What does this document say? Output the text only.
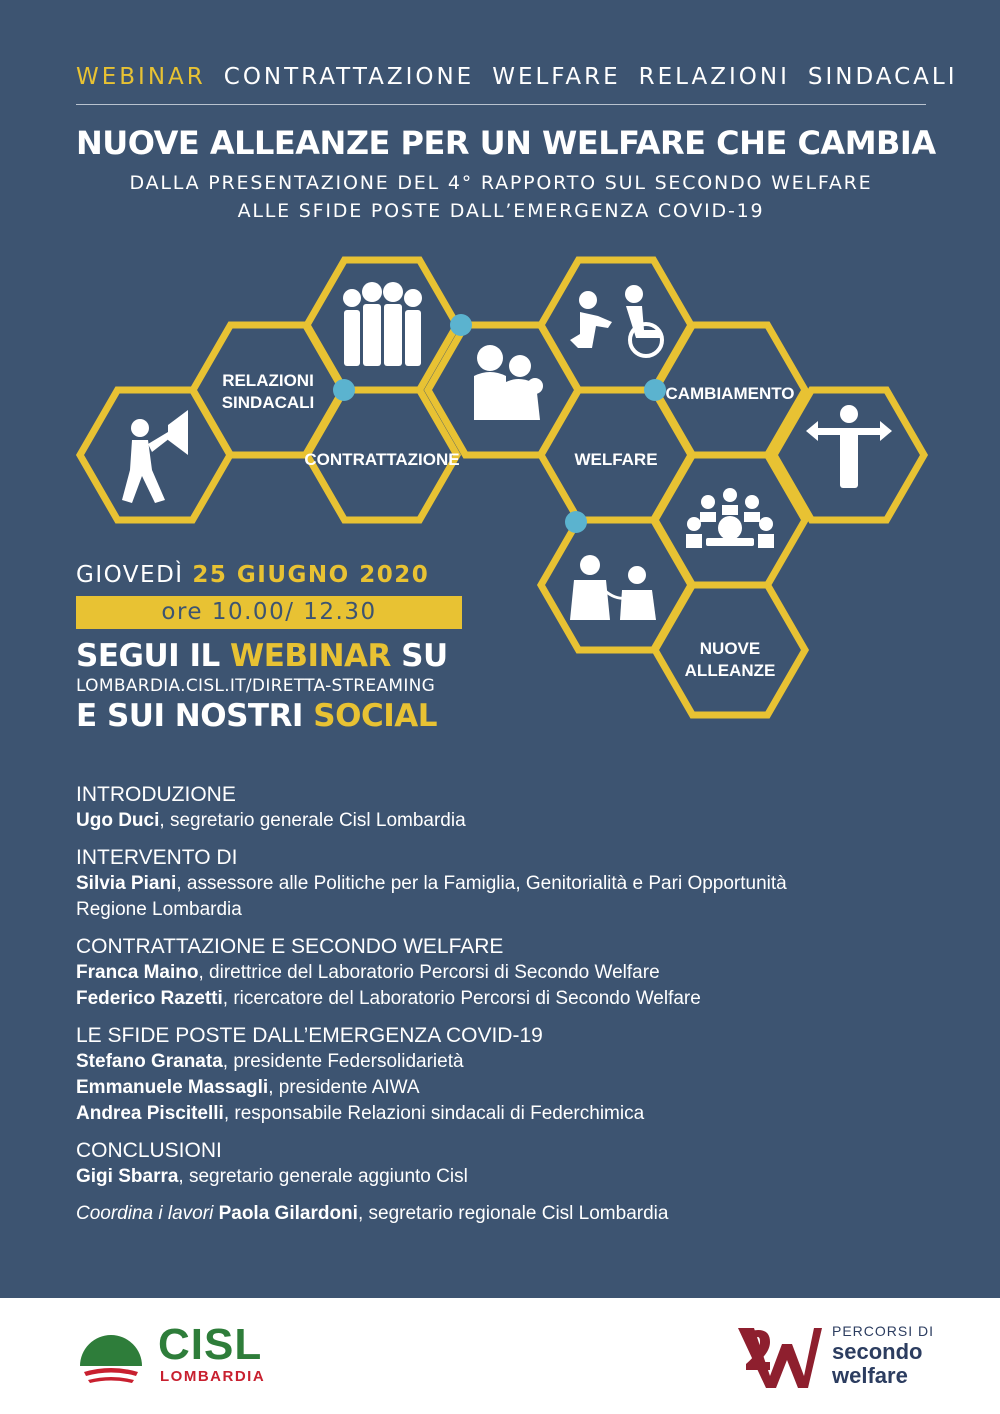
WEBINAR CONTRATTAZIONE WELFARE RELAZIONI SINDACALI
NUOVE ALLEANZE PER UN WELFARE CHE CAMBIA
DALLA PRESENTAZIONE DEL 4° RAPPORTO SUL SECONDO WELFARE
ALLE SFIDE POSTE DALL’EMERGENZA COVID-19
RELAZIONI
SINDACALI
CONTRATTAZIONE	WELFARE
CAMBIAMENTO
NUOVE
ALLEANZE
GIOVEDÌ 25 GIUGNO 2020
ore 10.00/ 12.30
SEGUI IL WEBINAR SU
LOMBARDIA.CISL.IT/DIRETTA-STREAMING
E SUI NOSTRI SOCIAL
INTRODUZIONE
Ugo Duci, segretario generale Cisl Lombardia
INTERVENTO DI
Silvia Piani, assessore alle Politiche per la Famiglia, Genitorialità e Pari Opportunità
Regione Lombardia
CONTRATTAZIONE E SECONDO WELFARE
Franca Maino, direttrice del Laboratorio Percorsi di Secondo Welfare
Federico Razetti, ricercatore del Laboratorio Percorsi di Secondo Welfare
LE SFIDE POSTE DALL’EMERGENZA COVID-19
Stefano Granata, presidente Federsolidarietà
Emmanuele Massagli, presidente AIWA
Andrea Piscitelli, responsabile Relazioni sindacali di Federchimica
CONCLUSIONI
Gigi Sbarra, segretario generale aggiunto Cisl
Coordina i lavori Paola Gilardoni, segretario regionale Cisl Lombardia
CISL
LOMBARDIA
PERCORSI DI
secondo
welfare
